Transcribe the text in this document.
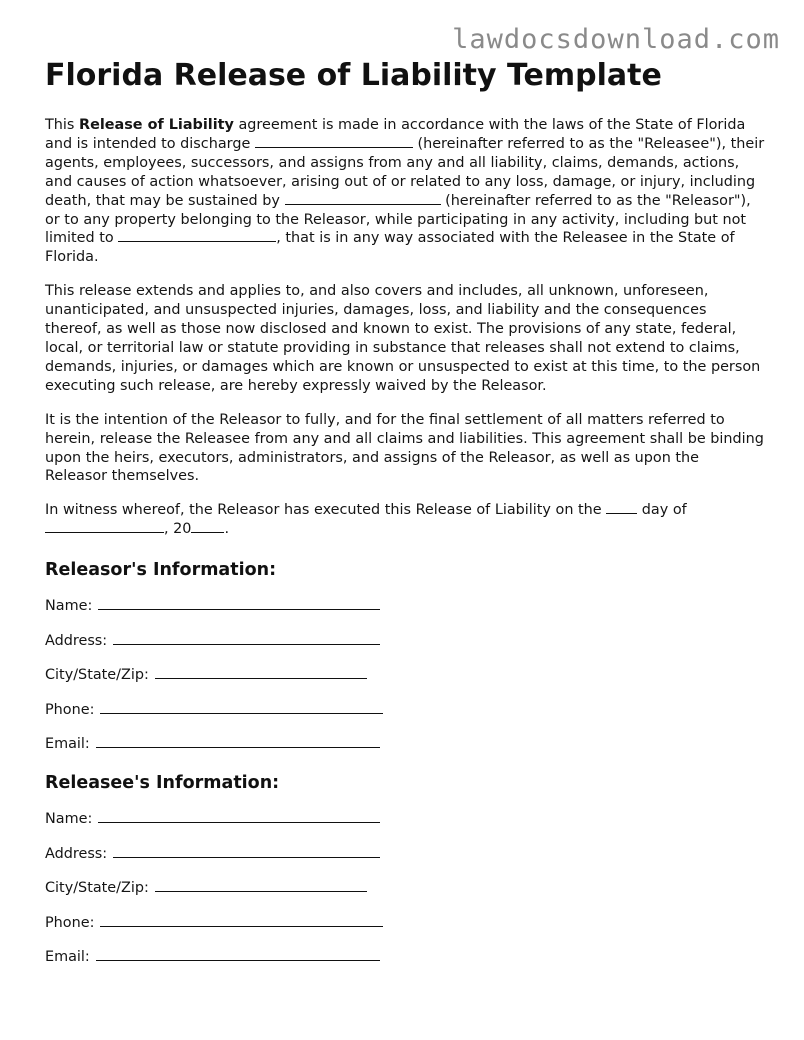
lawdocsdownload.com
Florida Release of Liability Template

This Release of Liability agreement is made in accordance with the laws of the State of Florida and is intended to discharge	(hereinafter referred to as the "Releasee"), their agents, employees, successors, and assigns from any and all liability, claims, demands, actions, and causes of action whatsoever, arising out of or related to any loss, damage, or injury, including death, that may be sustained by	(hereinafter referred to as the "Releasor"), or to any property belonging to the Releasor, while participating in any activity, including but not limited to	, that is in any way associated with the Releasee in the State of Florida.

This release extends and applies to, and also covers and includes, all unknown, unforeseen, unanticipated, and unsuspected injuries, damages, loss, and liability and the consequences thereof, as well as those now disclosed and known to exist. The provisions of any state, federal, local, or territorial law or statute providing in substance that releases shall not extend to claims, demands, injuries, or damages which are known or unsuspected to exist at this time, to the person executing such release, are hereby expressly waived by the Releasor.

It is the intention of the Releasor to fully, and for the final settlement of all matters referred to herein, release the Releasee from any and all claims and liabilities. This agreement shall be binding upon the heirs, executors, administrators, and assigns of the Releasor, as well as upon the Releasor themselves.

In witness whereof, the Releasor has executed this Release of Liability on the  day of , 20 .

Releasor's Information:
Name:
Address:
City/State/Zip:
Phone:
Email:
Releasee's Information:
Name:
Address:
City/State/Zip:
Phone:
Email:
